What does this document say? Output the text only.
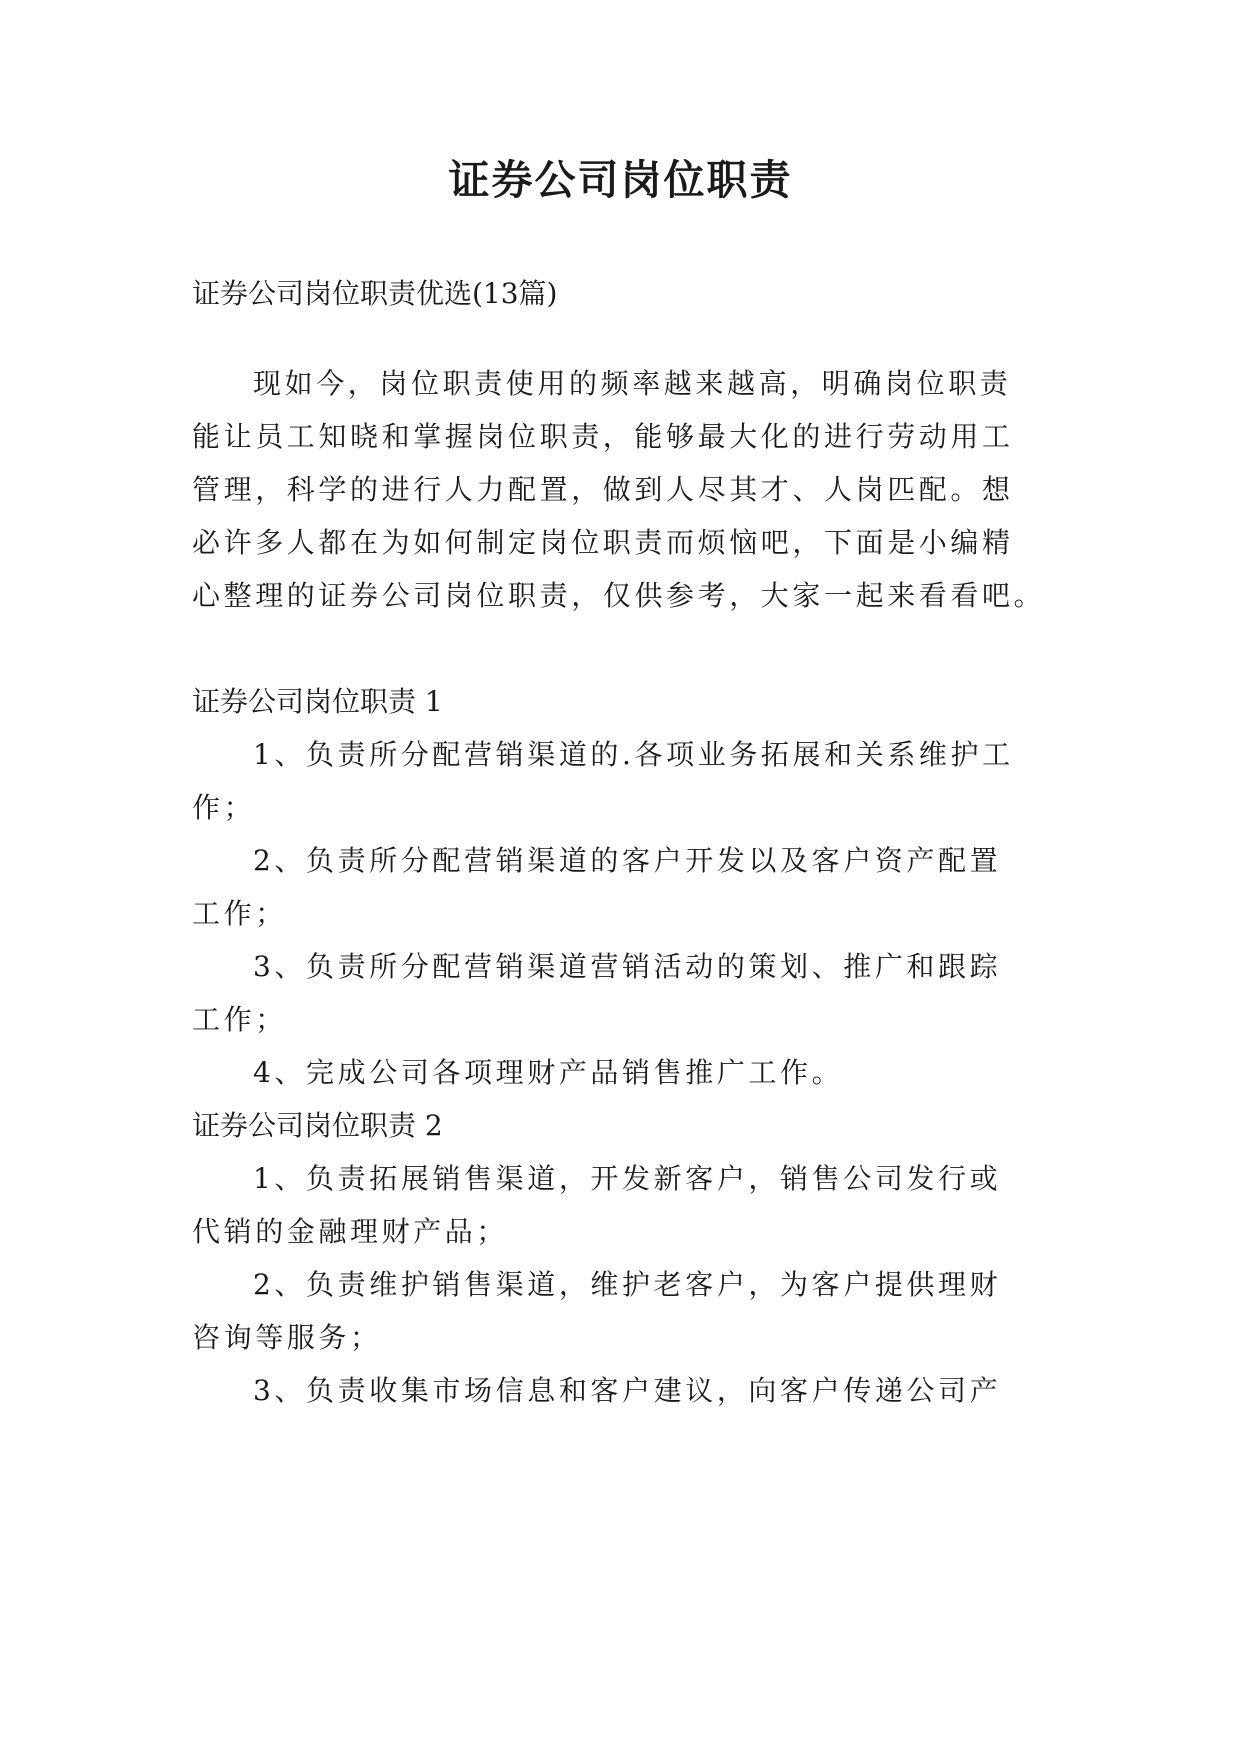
证券公司岗位职责

证券公司岗位职责优选(13篇)

现如今，岗位职责使用的频率越来越高，明确岗位职责

能让员工知晓和掌握岗位职责，能够最大化的进行劳动用工

管理，科学的进行人力配置，做到人尽其才、人岗匹配。想

必许多人都在为如何制定岗位职责而烦恼吧，下面是小编精

心整理的证券公司岗位职责，仅供参考，大家一起来看看吧。

证券公司岗位职责 1

1、负责所分配营销渠道的.各项业务拓展和关系维护工

作；

2、负责所分配营销渠道的客户开发以及客户资产配置

工作；

3、负责所分配营销渠道营销活动的策划、推广和跟踪

工作；

4、完成公司各项理财产品销售推广工作。

证券公司岗位职责 2

1、负责拓展销售渠道，开发新客户，销售公司发行或

代销的金融理财产品；

2、负责维护销售渠道，维护老客户，为客户提供理财

咨询等服务；

3、负责收集市场信息和客户建议，向客户传递公司产
